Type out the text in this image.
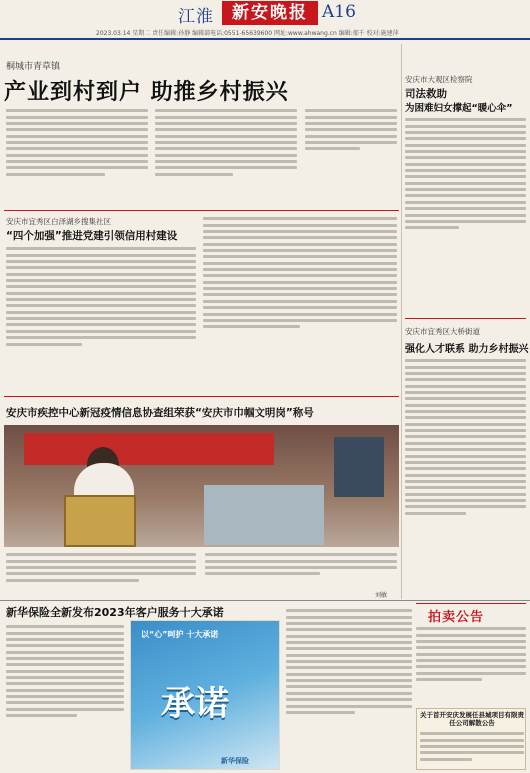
江淮	新安晚报 A16
2023.03.14 星期二 责任编辑:孙静 编辑部电话:0551-65639600 网址:www.ahwang.cn 编辑:郁千 校对:施建萍
桐城市青草镇
产业到村到户 助推乡村振兴
安庆市宜秀区白泽湖乡搜集社区
“四个加强”推进党建引领信用村建设
安庆市疾控中心新冠疫情信息协查组荣获“安庆市巾帼文明岗”称号
刘敏
安庆市大观区检察院
司法救助
为困难妇女撑起“暖心伞”
安庆市宜秀区大桥街道
强化人才联系 助力乡村振兴
新华保险全新发布2023年客户服务十大承诺
以“心”呵护 十大承诺
承诺
新华保险
拍卖公告
关于首开安庆发展任县城项目有限责任公司解散公告
